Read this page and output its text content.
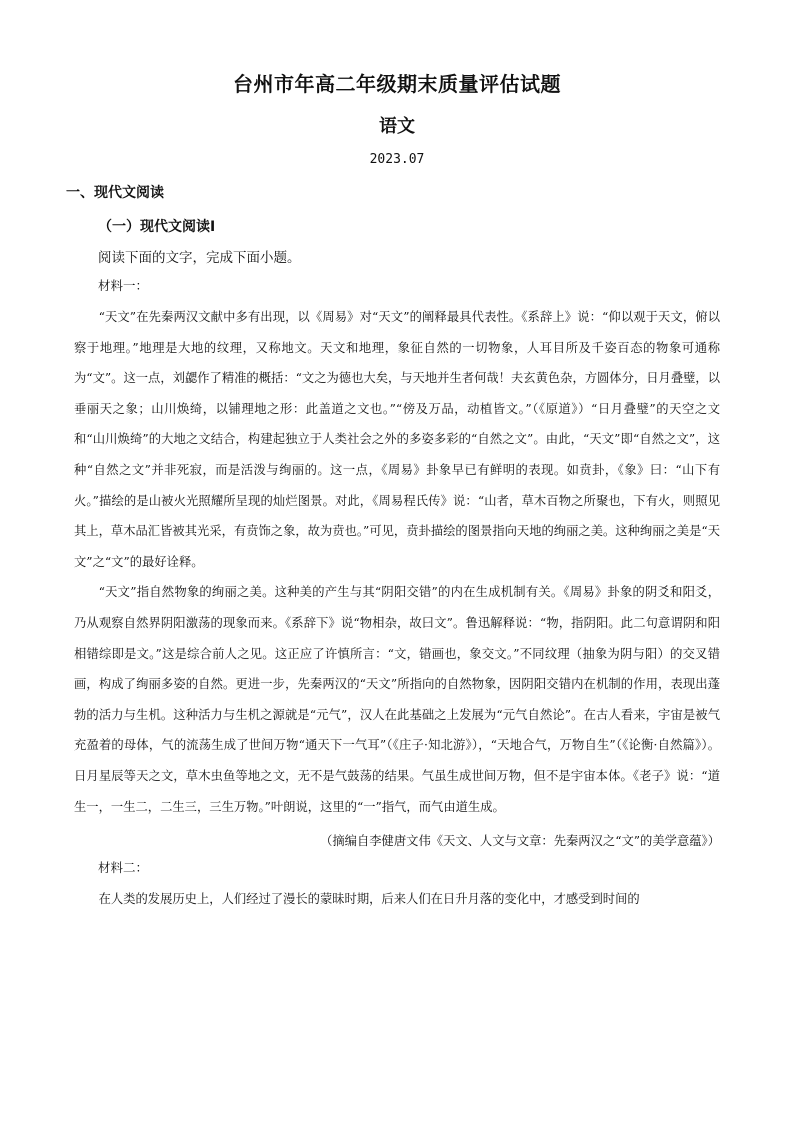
台州市年高二年级期末质量评估试题
语文
2023.07
一、现代文阅读
（一）现代文阅读Ⅰ
阅读下面的文字，完成下面小题。
材料一：

“天文”在先秦两汉文献中多有出现，以《周易》对“天文”的阐释最具代表性。《系辞上》说：“仰以观于天文，俯以察于地理。”地理是大地的纹理，又称地文。天文和地理，象征自然的一切物象，人耳目所及千姿百态的物象可通称为“文”。这一点，刘勰作了精准的概括：“文之为德也大矣，与天地并生者何哉！夫玄黄色杂，方圆体分，日月叠璧，以垂丽天之象；山川焕绮，以铺理地之形：此盖道之文也。”“傍及万品，动植皆文。”（《原道》）“日月叠璧”的天空之文和“山川焕绮”的大地之文结合，构建起独立于人类社会之外的多姿多彩的“自然之文”。由此，“天文”即“自然之文”，这种“自然之文”并非死寂，而是活泼与绚丽的。这一点，《周易》卦象早已有鲜明的表现。如贲卦，《象》曰：“山下有火。”描绘的是山被火光照耀所呈现的灿烂图景。对此，《周易程氏传》说：“山者，草木百物之所聚也，下有火，则照见其上，草木品汇皆被其光采，有贲饰之象，故为贲也。”可见，贲卦描绘的图景指向天地的绚丽之美。这种绚丽之美是“天文”之“文”的最好诠释。

“天文”指自然物象的绚丽之美。这种美的产生与其“阴阳交错”的内在生成机制有关。《周易》卦象的阴爻和阳爻，乃从观察自然界阴阳激荡的现象而来。《系辞下》说“物相杂，故曰文”。鲁迅解释说：“物，指阴阳。此二句意谓阴和阳相错综即是文。”这是综合前人之见。这正应了许慎所言：“文，错画也，象交文。”不同纹理（抽象为阴与阳）的交叉错画，构成了绚丽多姿的自然。更进一步，先秦两汉的“天文”所指向的自然物象，因阴阳交错内在机制的作用，表现出蓬勃的活力与生机。这种活力与生机之源就是“元气”，汉人在此基础之上发展为“元气自然论”。在古人看来，宇宙是被气充盈着的母体，气的流荡生成了世间万物“通天下一气耳”（《庄子·知北游》），“天地合气，万物自生”（《论衡·自然篇》）。日月星辰等天之文，草木虫鱼等地之文，无不是气鼓荡的结果。气虽生成世间万物，但不是宇宙本体。《老子》说：“道生一，一生二，二生三，三生万物。”叶朗说，这里的“一”指气，而气由道生成。

（摘编自李健唐文伟《天文、人文与文章：先秦两汉之“文”的美学意蕴》）
材料二：

在人类的发展历史上，人们经过了漫长的蒙昧时期，后来人们在日升月落的变化中，才感受到时间的
